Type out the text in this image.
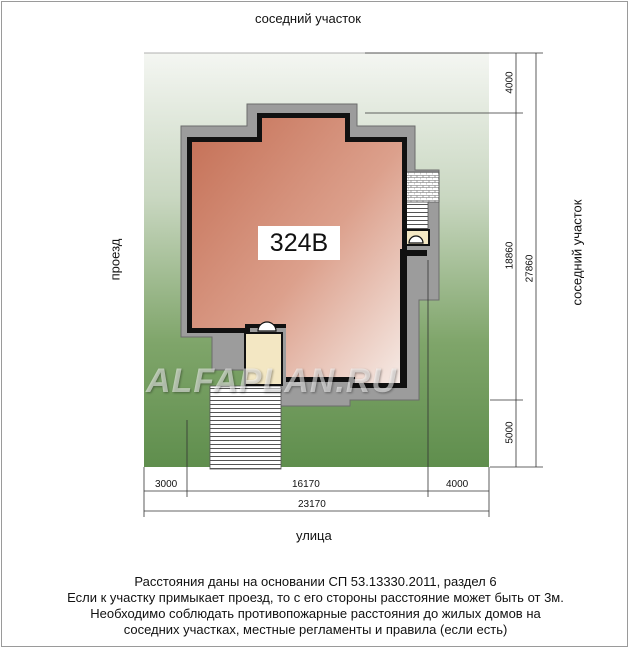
324В
ALFAPLAN.RU
соседний участок
проезд	соседний участок
улица
4000
18860 27860
5000
3000	16170	4000
23170
Расстояния даны на основании СП 53.13330.2011, раздел 6
Если к участку примыкает проезд, то с его стороны расстояние может быть от 3м.
Необходимо соблюдать противопожарные расстояния до жилых домов на
соседних участках, местные регламенты и правила (если есть)
